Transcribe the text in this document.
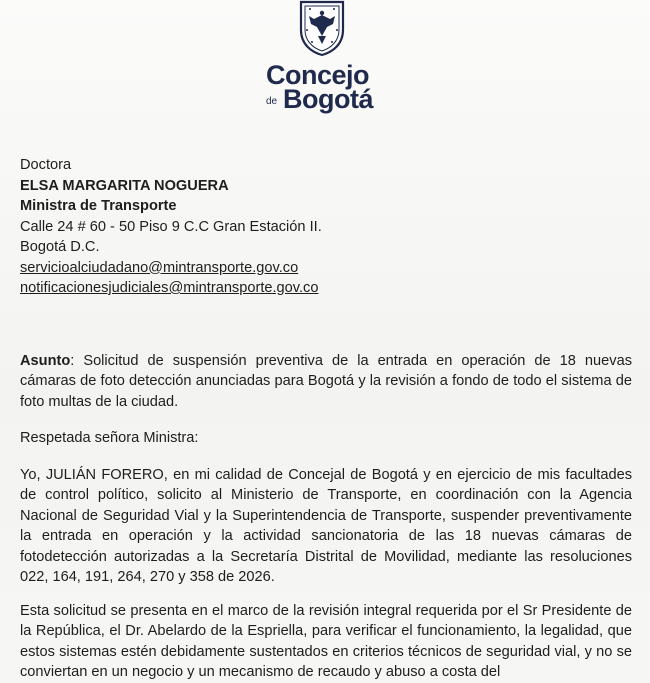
Concejo
de Bogotá
Doctora
ELSA MARGARITA NOGUERA
Ministra de Transporte
Calle 24 # 60 - 50 Piso 9 C.C Gran Estación II.
Bogotá D.C.
servicioalciudadano@mintransporte.gov.co
notificacionesjudiciales@mintransporte.gov.co
Asunto: Solicitud de suspensión preventiva de la entrada en operación de 18 nuevas cámaras de foto detección anunciadas para Bogotá y la revisión a fondo de todo el sistema de foto multas de la ciudad.
Respetada señora Ministra:
Yo, JULIÁN FORERO, en mi calidad de Concejal de Bogotá y en ejercicio de mis facultades de control político, solicito al Ministerio de Transporte, en coordinación con la Agencia Nacional de Seguridad Vial y la Superintendencia de Transporte, suspender preventivamente la entrada en operación y la actividad sancionatoria de las 18 nuevas cámaras de fotodetección autorizadas a la Secretaría Distrital de Movilidad, mediante las resoluciones 022, 164, 191, 264, 270 y 358 de 2026.
Esta solicitud se presenta en el marco de la revisión integral requerida por el Sr Presidente de la República, el Dr. Abelardo de la Espriella, para verificar el funcionamiento, la legalidad, que estos sistemas estén debidamente sustentados en criterios técnicos de seguridad vial, y no se conviertan en un negocio y un mecanismo de recaudo y abuso a costa del
